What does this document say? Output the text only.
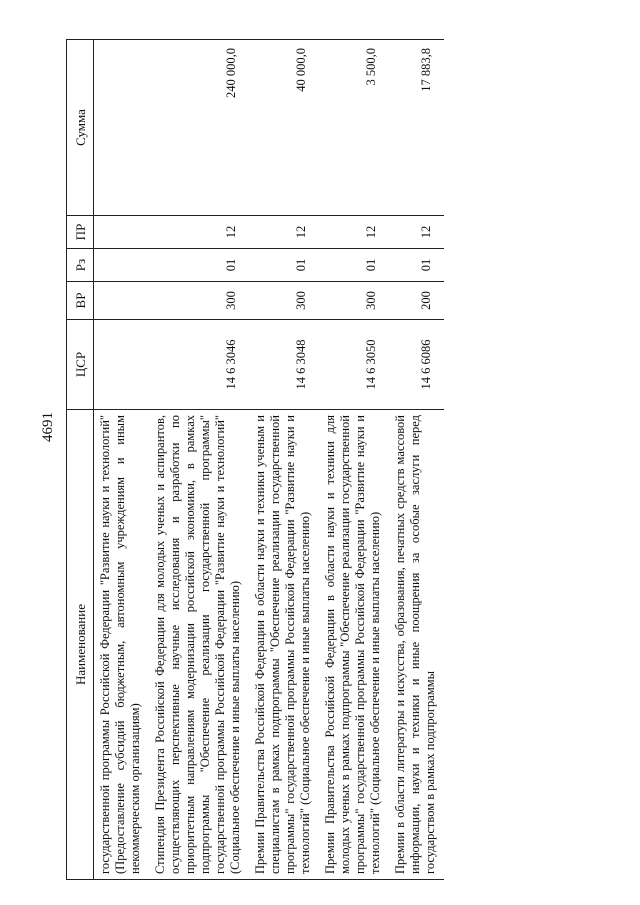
4691
Наименование	ЦСР	ВР	Рз	ПР	Сумма
государственной программы Российской Федерации "Развитие науки и технологий" (Предоставление субсидий бюджетным, автономным учреждениям и иным некоммерческим организациям)					
Стипендия Президента Российской Федерации для молодых ученых и аспирантов, осуществляющих перспективные научные исследования и разработки по приоритетным направлениям модернизации российской экономики, в рамках подпрограммы "Обеспечение реализации государственной программы" государственной программы Российской Федерации "Развитие науки и технологий" (Социальное обеспечение и иные выплаты населению)	14 6 3046	300	01	12	240 000,0
Премии Правительства Российской Федерации в области науки и техники ученым и специалистам в рамках подпрограммы "Обеспечение реализации государственной программы" государственной программы Российской Федерации "Развитие науки и технологий" (Социальное обеспечение и иные выплаты населению)	14 6 3048	300	01	12	40 000,0
Премии Правительства Российской Федерации в области науки и техники для молодых ученых в рамках подпрограммы "Обеспечение реализации государственной программы" государственной программы Российской Федерации "Развитие науки и технологий" (Социальное обеспечение и иные выплаты населению)	14 6 3050	300	01	12	3 500,0
Премии в области литературы и искусства, образования, печатных средств массовой информации, науки и техники и иные поощрения за особые заслуги перед государством в рамках подпрограммы	14 6 6086	200	01	12	17 883,8
